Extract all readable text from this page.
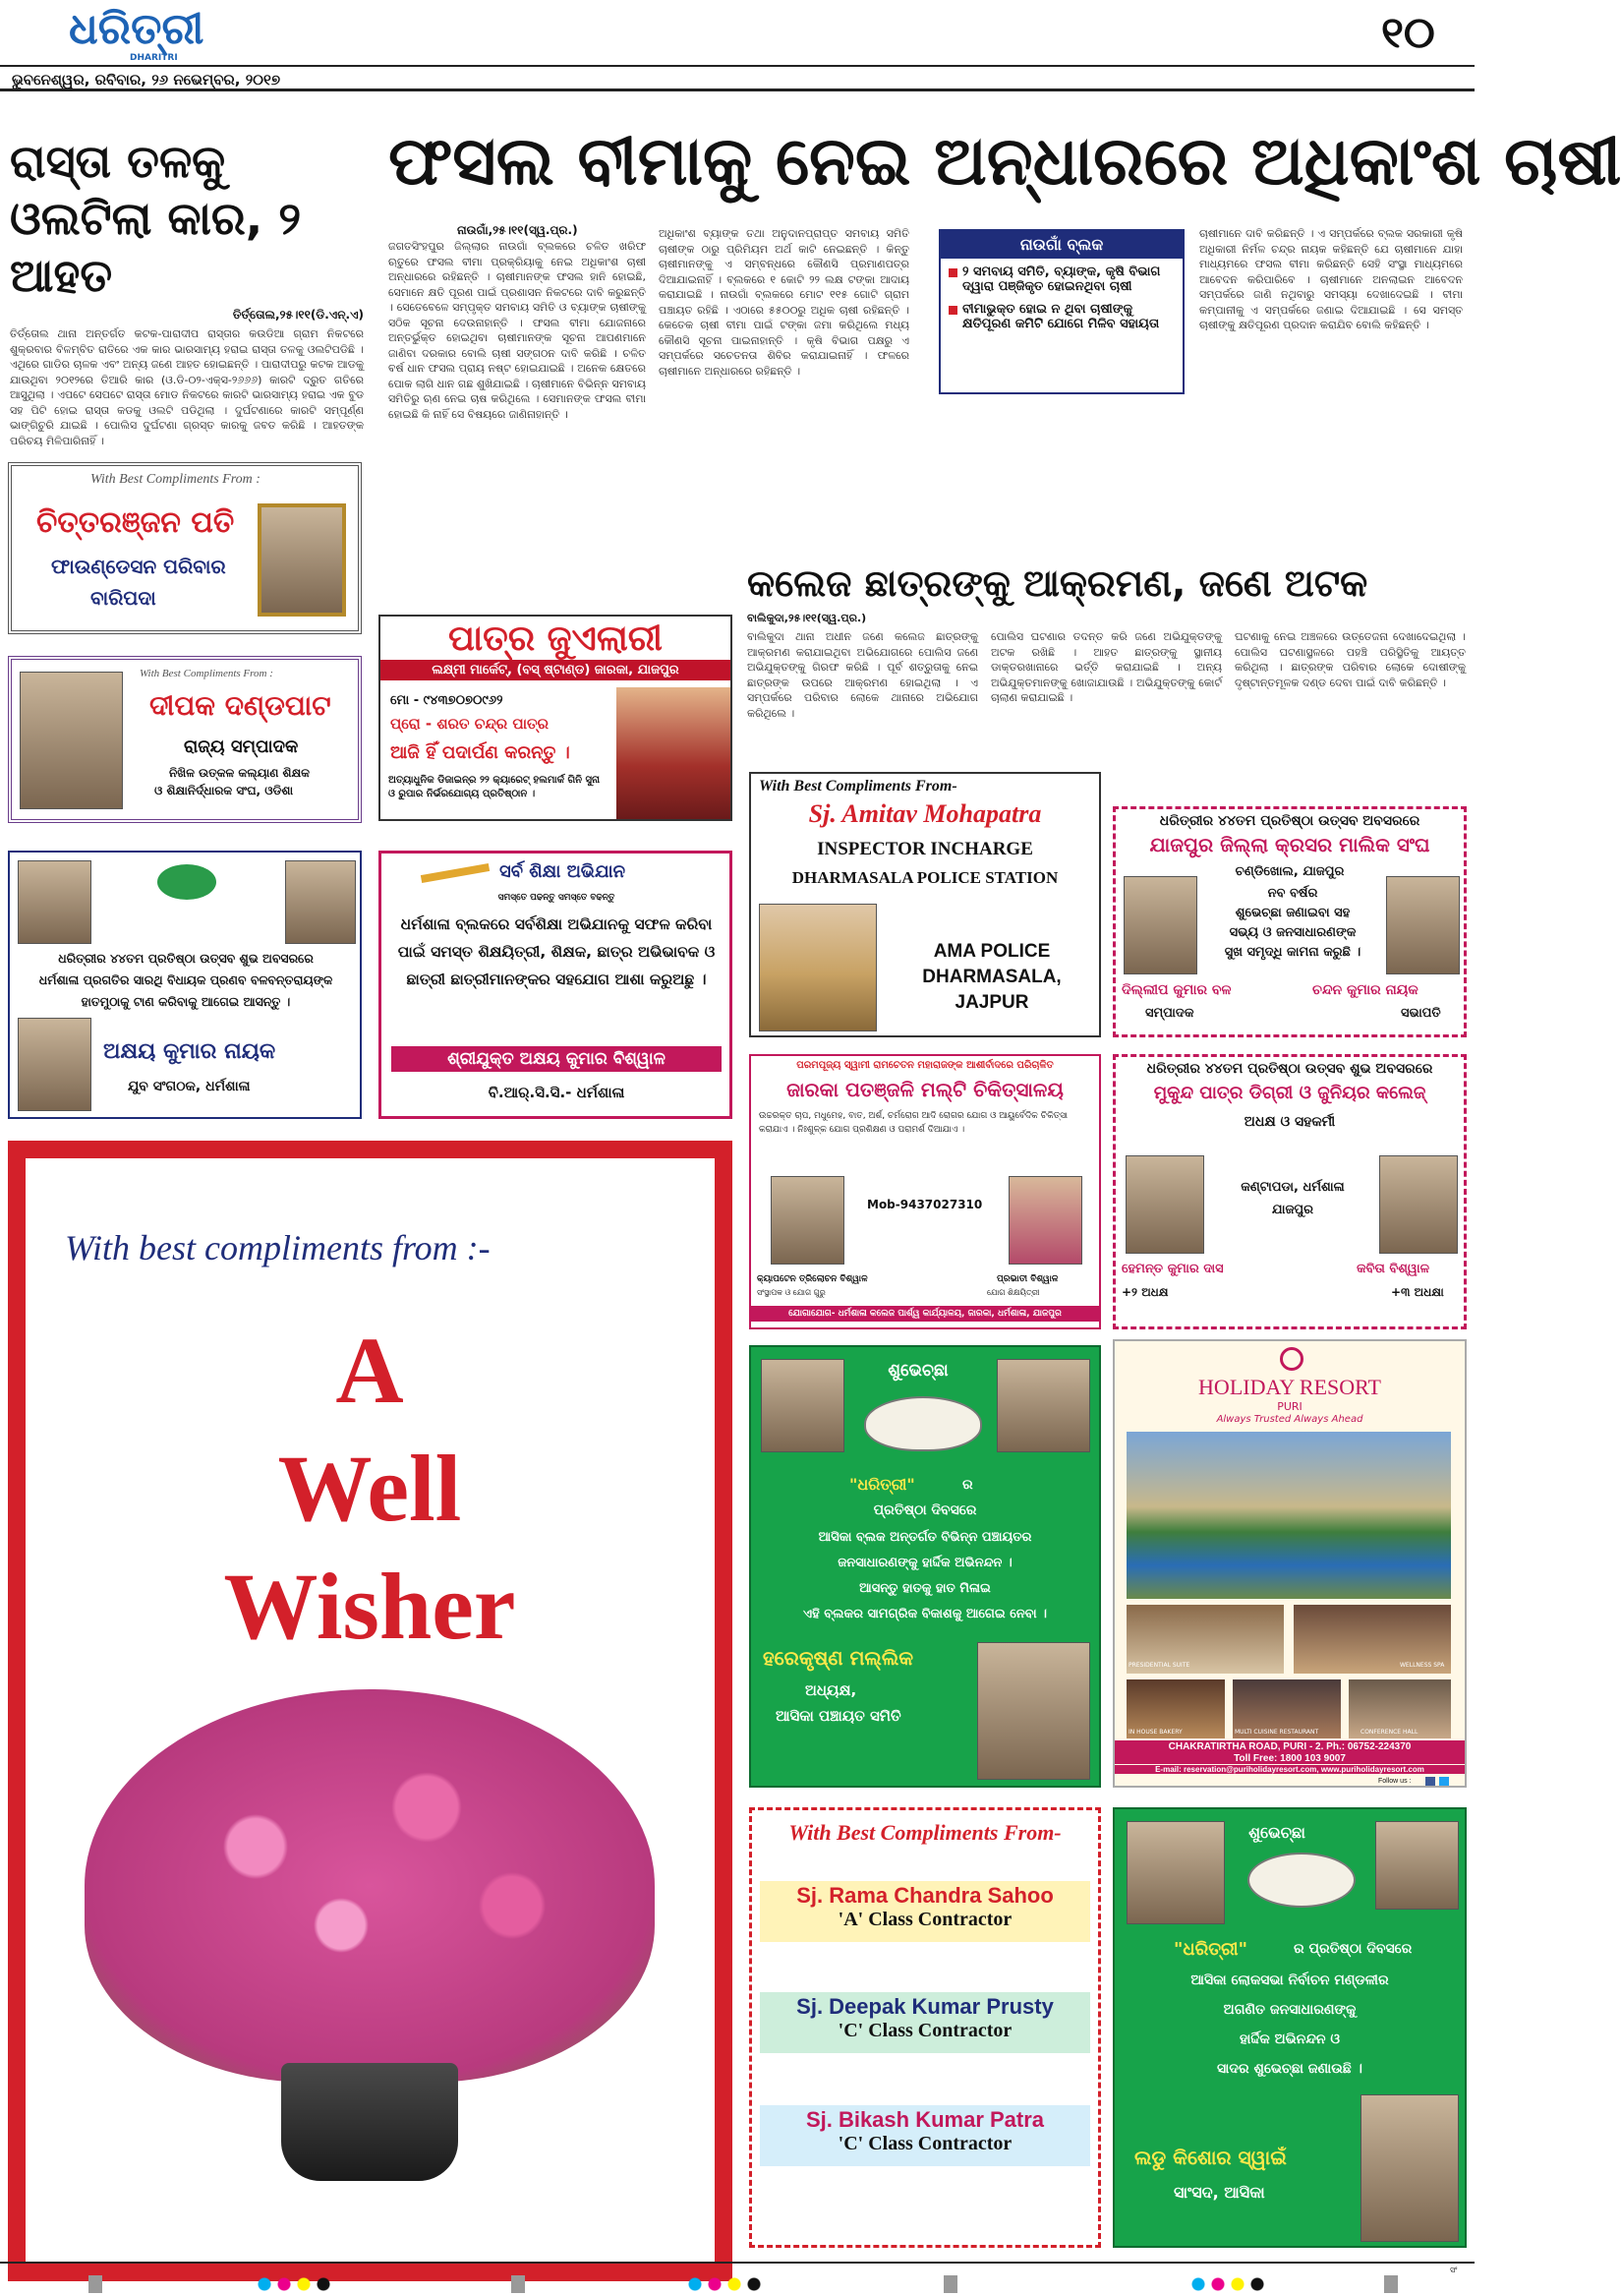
ଧରିତ୍ରୀ
DHARITRI
ଭୁବନେଶ୍ୱର, ରବିବାର, ୨୬ ନଭେମ୍ବର, ୨୦୧୭
୧୦
ରାସ୍ତା ତଳକୁ ଓଲଟିଲା କାର, ୨ ଆହତ
ତିର୍ତ୍ତୋଲ,୨୫।୧୧(ଡି.ଏନ୍.ଏ)
ତିର୍ତ୍ତୋଲ ଥାନା ଅନ୍ତର୍ଗତ କଟକ-ପାରାଦୀପ ରାସ୍ତାର କଉଡିଆ ଗ୍ରାମ ନିକଟରେ ଶୁକ୍ରବାର ବିଳମ୍ବିତ ରାତିରେ ଏକ କାର ଭାରସାମ୍ୟ ହରାଇ ରାସ୍ତା ତଳକୁ ଓଲଟିପଡିଛି । ଏଥିରେ ଗାଡିର ଚାଳକ ଏବଂ ଅନ୍ୟ ଜଣେ ଆହତ ହୋଇଛନ୍ତି । ପାରାଦୀପରୁ କଟକ ଆଡକୁ ଯାଉଥିବା ୨୦୧୨ରେ ତିଆରି କାର (ଓ.ଡି-୦୨-ଏକ୍ସ-୨୬୬୬) କାରଟି ଦ୍ରୁତ ଗତିରେ ଆସୁଥିଲା । ଏପଟେ ସେପଟେ ରାସ୍ତା ମୋଡ ନିକଟରେ କାରଟି ଭାରସାମ୍ୟ ହରାଇ ଏକ ବୁଡ ସହ ପିଟି ହୋଇ ରାସ୍ତା କଡକୁ ଓଲଟି ପଡିଥିଲା । ଦୁର୍ଘଟଣାରେ କାରଟି ସମ୍ପୂର୍ଣ୍ଣ ଭାଙ୍ଗିଚୁରି ଯାଇଛି । ପୋଲିସ ଦୁର୍ଘଟଣା ଗ୍ରସ୍ତ କାରକୁ ଜବତ କରିଛି । ଆହତଙ୍କ ପରିଚୟ ମିଳିପାରିନାହିଁ ।
ଫସଲ ବୀମାକୁ ନେଇ ଅନ୍ଧାରରେ ଅଧିକାଂଶ ଚାଷୀ
ନାଉଗାଁ,୨୫।୧୧(ସ୍ୱ.ପ୍ର.)
ଜଗତସିଂହପୁର ଜିଲ୍ଲାର ନାଉଗାଁ ବ୍ଲକରେ ଚଳିତ ଖରିଫ ଋତୁରେ ଫସଲ ବୀମା ପ୍ରକ୍ରିୟାକୁ ନେଇ ଅଧିକାଂଶ ଚାଷୀ ଅନ୍ଧାରରେ ରହିଛନ୍ତି । ଚାଷୀମାନଙ୍କ ଫସଲ ହାନି ହୋଇଛି, ସେମାନେ କ୍ଷତି ପୂରଣ ପାଇଁ ପ୍ରଶାସନ ନିକଟରେ ଦାବି କରୁଛନ୍ତି । ସେତେବେଳେ ସମ୍ପୃକ୍ତ ସମବାୟ ସମିତି ଓ ବ୍ୟାଙ୍କ ଚାଷୀଙ୍କୁ ସଠିକ ସୂଚନା ଦେଉନାହାନ୍ତି । ଫସଲ ବୀମା ଯୋଜନାରେ ଅନ୍ତର୍ଭୁକ୍ତ ହୋଇଥିବା ଚାଷୀମାନଙ୍କ ସୂଚନା ଆପଣମାନେ ଜାଣିବା ଦରକାର ବୋଲି ଚାଷୀ ସଙ୍ଗଠନ ଦାବି କରିଛି । ଚଳିତ ବର୍ଷ ଧାନ ଫସଲ ପ୍ରାୟ ନଷ୍ଟ ହୋଇଯାଇଛି । ଅନେକ କ୍ଷେତରେ ପୋକ ଲାଗି ଧାନ ଗଛ ଶୁଖିଯାଇଛି । ଚାଷୀମାନେ ବିଭିନ୍ନ ସମବାୟ ସମିତିରୁ ଋଣ ନେଇ ଚାଷ କରିଥିଲେ । ସେମାନଙ୍କ ଫସଲ ବୀମା ହୋଇଛି କି ନାହିଁ ସେ ବିଷୟରେ ଜାଣିନାହାନ୍ତି ।
ଅଧିକାଂଶ ବ୍ୟାଙ୍କ ତଥା ଅନୁଦାନପ୍ରାପ୍ତ ସମବାୟ ସମିତି ଚାଷୀଙ୍କ ଠାରୁ ପ୍ରିମିୟମ ଅର୍ଥ କାଟି ନେଇଛନ୍ତି । କିନ୍ତୁ ଚାଷୀମାନଙ୍କୁ ଏ ସମ୍ବନ୍ଧରେ କୌଣସି ପ୍ରମାଣପତ୍ର ଦିଆଯାଇନାହିଁ । ବ୍ଲକରେ ୧ କୋଟି ୨୨ ଲକ୍ଷ ଟଙ୍କା ଆଦାୟ କରାଯାଇଛି । ନାଉଗାଁ ବ୍ଲକରେ ମୋଟ ୧୧୫ ଗୋଟି ଗ୍ରାମ ପଞ୍ଚାୟତ ରହିଛି । ଏଠାରେ ୫୫୦୦ରୁ ଅଧିକ ଚାଷୀ ରହିଛନ୍ତି । କେତେକ ଚାଷୀ ବୀମା ପାଇଁ ଟଙ୍କା ଜମା କରିଥିଲେ ମଧ୍ୟ କୌଣସି ସୂଚନା ପାଇନାହାନ୍ତି । କୃଷି ବିଭାଗ ପକ୍ଷରୁ ଏ ସମ୍ପର୍କରେ ସଚେତନତା ଶିବିର କରାଯାଇନାହିଁ । ଫଳରେ ଚାଷୀମାନେ ଅନ୍ଧାରରେ ରହିଛନ୍ତି ।
ନାଉଗାଁ ବ୍ଲକ
୨ ସମବାୟ ସମିତି, ବ୍ୟାଙ୍କ, କୃଷି ବିଭାଗ ଦ୍ୱାରା ପଞ୍ଜିକୃତ ହୋଇନଥିବା ଚାଷୀ
ବୀମାଭୁକ୍ତ ହୋଇ ନ ଥିବା ଚାଷୀଙ୍କୁ କ୍ଷତିପୂରଣ କମିଟି ଯୋଗେ ମିଳିବ ସହାୟତା
ଚାଷୀମାନେ ଦାବି କରିଛନ୍ତି । ଏ ସମ୍ପର୍କରେ ବ୍ଲକ ସରକାରୀ କୃଷି ଅଧିକାରୀ ନିର୍ମଳ ଚନ୍ଦ୍ର ନାୟକ କହିଛନ୍ତି ଯେ ଚାଷୀମାନେ ଯାହା ମାଧ୍ୟମରେ ଫସଲ ବୀମା କରିଛନ୍ତି ସେହି ସଂସ୍ଥା ମାଧ୍ୟମରେ ଆବେଦନ କରିପାରିବେ । ଚାଷୀମାନେ ଅନଲାଇନ ଆବେଦନ ସମ୍ପର୍କରେ ଜାଣି ନଥିବାରୁ ସମସ୍ୟା ଦେଖାଦେଇଛି । ବୀମା କମ୍ପାନୀକୁ ଏ ସମ୍ପର୍କରେ ଜଣାଇ ଦିଆଯାଇଛି । ସେ ସମସ୍ତ ଚାଷୀଙ୍କୁ କ୍ଷତିପୂରଣ ପ୍ରଦାନ କରାଯିବ ବୋଲି କହିଛନ୍ତି ।
କଲେଜ ଛାତ୍ରଙ୍କୁ ଆକ୍ରମଣ, ଜଣେ ଅଟକ
ବାଲିକୁଦା,୨୫।୧୧(ସ୍ୱ.ପ୍ର.)
ବାଲିକୁଦା ଥାନା ଅଧୀନ ଜଣେ କଲେଜ ଛାତ୍ରଙ୍କୁ ଆକ୍ରମଣ କରାଯାଇଥିବା ଅଭିଯୋଗରେ ପୋଲିସ ଜଣେ ଅଭିଯୁକ୍ତଙ୍କୁ ଗିରଫ କରିଛି । ପୂର୍ବ ଶତ୍ରୁତାକୁ ନେଇ ଛାତ୍ରଙ୍କ ଉପରେ ଆକ୍ରମଣ ହୋଇଥିଲା । ଏ ସମ୍ପର୍କରେ ପରିବାର ଲୋକେ ଥାନାରେ ଅଭିଯୋଗ କରିଥିଲେ ।
ପୋଲିସ ଘଟଣାର ତଦନ୍ତ କରି ଜଣେ ଅଭିଯୁକ୍ତଙ୍କୁ ଅଟକ ରଖିଛି । ଆହତ ଛାତ୍ରଙ୍କୁ ସ୍ଥାନୀୟ ଡାକ୍ତରଖାନାରେ ଭର୍ତ୍ତି କରାଯାଇଛି । ଅନ୍ୟ ଅଭିଯୁକ୍ତମାନଙ୍କୁ ଖୋଜାଯାଉଛି । ଅଭିଯୁକ୍ତଙ୍କୁ କୋର୍ଟ ଚାଲାଣ କରାଯାଇଛି ।
ଘଟଣାକୁ ନେଇ ଅଞ୍ଚଳରେ ଉତ୍ତେଜନା ଦେଖାଦେଇଥିଲା । ପୋଲିସ ଘଟଣାସ୍ଥଳରେ ପହଞ୍ଚି ପରିସ୍ଥିତିକୁ ଆୟତ୍ତ କରିଥିଲା । ଛାତ୍ରଙ୍କ ପରିବାର ଲୋକେ ଦୋଷୀଙ୍କୁ ଦୃଷ୍ଟାନ୍ତମୂଳକ ଦଣ୍ଡ ଦେବା ପାଇଁ ଦାବି କରିଛନ୍ତି ।
With Best Compliments From :
ଚିତ୍ତରଞ୍ଜନ ପତି
ଫାଉଣ୍ଡେସନ ପରିବାର
ବାରିପଦା
With Best Compliments From :
ଦୀପକ ଦଣ୍ଡପାଟ
ରାଜ୍ୟ ସମ୍ପାଦକ
ନିଖିଳ ଉତ୍କଳ କଲ୍ୟାଣ ଶିକ୍ଷକ
ଓ ଶିକ୍ଷାନିର୍ଦ୍ଧାରକ ସଂଘ, ଓଡିଶା
ପାତ୍ର ଜୁଏଲାରୀ
ଲକ୍ଷ୍ମୀ ମାର୍କେଟ୍, (ବସ୍ ଷ୍ଟାଣ୍ଡ) ଜାରକା, ଯାଜପୁର
ମୋ - ୯୪୩୭୦୭୦୯୬୨
ପ୍ରୋ - ଶରତ ଚନ୍ଦ୍ର ପାତ୍ର
ଆଜି ହିଁ ପଦାର୍ପଣ କରନ୍ତୁ ।
ଅତ୍ୟାଧୁନିକ ଡିଜାଇନ୍‌ର ୨୨ କ୍ୟାରେଟ୍ ହଲମାର୍କ ଗିନି ସୁନା ଓ ରୁପାର ନିର୍ଭରଯୋଗ୍ୟ ପ୍ରତିଷ୍ଠାନ ।
ଧରିତ୍ରୀର ୪୪ତମ ପ୍ରତିଷ୍ଠା ଉତ୍ସବ ଶୁଭ ଅବସରରେ
ଧର୍ମଶାଳା ପ୍ରଗତିର ସାରଥି ବିଧାୟକ ପ୍ରଣବ ବଳବନ୍ତରାୟଙ୍କ
ହାତମୁଠାକୁ ଟାଣ କରିବାକୁ ଆଗେଇ ଆସନ୍ତୁ ।
ଅକ୍ଷୟ କୁମାର ନାୟକ
ଯୁବ ସଂଗଠକ, ଧର୍ମଶାଳା
ସର୍ବ ଶିକ୍ଷା ଅଭିଯାନ
ସମସ୍ତେ ପଢନ୍ତୁ ସମସ୍ତେ ବଢନ୍ତୁ
ଧର୍ମଶାଳା ବ୍ଲକରେ ସର୍ବଶିକ୍ଷା ଅଭିଯାନକୁ ସଫଳ କରିବା ପାଇଁ ସମସ୍ତ ଶିକ୍ଷୟିତ୍ରୀ, ଶିକ୍ଷକ, ଛାତ୍ର ଅଭିଭାବକ ଓ ଛାତ୍ରୀ ଛାତ୍ରୀମାନଙ୍କର ସହଯୋଗ ଆଶା କରୁଅଛୁ ।
ଶ୍ରୀଯୁକ୍ତ ଅକ୍ଷୟ କୁମାର ବିଶ୍ୱାଳ
ବି.ଆର୍.ସି.ସି.- ଧର୍ମଶାଳା
With Best Compliments From-
Sj. Amitav Mohapatra
INSPECTOR INCHARGE
DHARMASALA POLICE STATION
AMA POLICE
DHARMASALA,
JAJPUR
ଧରିତ୍ରୀର ୪୪ତମ ପ୍ରତିଷ୍ଠା ଉତ୍ସବ ଅବସରରେ
ଯାଜପୁର ଜିଲ୍ଲା କ୍ରସର ମାଲିକ ସଂଘ
ଚଣ୍ଡିଖୋଲ, ଯାଜପୁର
ନବ ବର୍ଷର
ଶୁଭେଚ୍ଛା ଜଣାଇବା ସହ
ସଭ୍ୟ ଓ ଜନସାଧାରଣଙ୍କ
ସୁଖ ସମୃଦ୍ଧି କାମନା କରୁଛି ।
ଦିଲ୍ଲୀପ କୁମାର ବଳ
ସମ୍ପାଦକ
ଚନ୍ଦନ କୁମାର ନାୟକ
ସଭାପତି
ପରମପୂଜ୍ୟ ସ୍ୱାମୀ ରାମଚେତନ ମହାରାଜଙ୍କ ଆଶୀର୍ବାଦରେ ପରିଚାଳିତ
ଜାରକା ପତଞ୍ଜଳି ମଲ୍ଟି ଚିକିତ୍ସାଳୟ
ଉଚ୍ଚରକ୍ତ ଚାପ, ମଧୁମେହ, ବାତ, ଅର୍ଶ, ଚର୍ମରୋଗ ଆଦି ରୋଗର ଯୋଗ ଓ ଆୟୁର୍ବେଦିକ ଚିକିତ୍ସା କରାଯାଏ । ନିଃଶୁଳ୍କ ଯୋଗ ପ୍ରଶିକ୍ଷଣ ଓ ପରାମର୍ଶ ଦିଆଯାଏ ।
Mob-9437027310
କ୍ୟାପଟେନ ତ୍ରିଲୋଚନ ବିଶ୍ୱାଳ
ସଂସ୍ଥାପକ ଓ ଯୋଗ ଗୁରୁ
ପ୍ରଭାତୀ ବିଶ୍ୱାଳ
ଯୋଗ ଶିକ୍ଷୟିତ୍ରୀ
ଯୋଗାଯୋଗ- ଧର୍ମଶାଳା କଲେଜ ପାର୍ଶ୍ୱ କାର୍ଯ୍ୟାଳୟ, ଜାରକା, ଧର୍ମଶାଳା, ଯାଜପୁର
ଧରିତ୍ରୀର ୪୪ତମ ପ୍ରତିଷ୍ଠା ଉତ୍ସବ ଶୁଭ ଅବସରରେ
ମୁକୁନ୍ଦ ପାତ୍ର ଡିଗ୍ରୀ ଓ ଜୁନିୟର କଲେଜ୍
ଅଧକ୍ଷ ଓ ସହକର୍ମୀ
କଣ୍ଟାପଡା, ଧର୍ମଶାଳା
ଯାଜପୁର
ହେମନ୍ତ କୁମାର ଦାସ
+୨ ଅଧକ୍ଷ
କବିତା ବିଶ୍ୱାଳ
+୩ ଅଧକ୍ଷା
With best compliments from :-
A
Well
Wisher
ଶୁଭେଚ୍ଛା
"ଧରିତ୍ରୀ"	ର
ପ୍ରତିଷ୍ଠା ଦିବସରେ
ଆସିକା ବ୍ଲକ ଅନ୍ତର୍ଗତ ବିଭିନ୍ନ ପଞ୍ଚାୟତର
ଜନସାଧାରଣଙ୍କୁ ହାର୍ଦ୍ଦିକ ଅଭିନନ୍ଦନ ।
ଆସନ୍ତୁ ହାତକୁ ହାତ ମିଳାଇ
ଏହି ବ୍ଲକର ସାମଗ୍ରିକ ବିକାଶକୁ ଆଗେଇ ନେବା ।
ହରେକୃଷ୍ଣ ମଲ୍ଲିକ
ଅଧ୍ୟକ୍ଷ,
ଆସିକା ପଞ୍ଚାୟତ ସମିତି
HOLIDAY RESORT
PURI
Always Trusted Always Ahead
PRESIDENTIAL SUITE	WELLNESS SPA
MULTI CUISINE RESTAURANT
IN HOUSE BAKERY	CONFERENCE HALL
CHAKRATIRTHA ROAD, PURI - 2. Ph.: 06752-224370
Toll Free: 1800 103 9007
E-mail: reservation@puriholidayresort.com, www.puriholidayresort.com
Follow us :
With Best Compliments From-
Sj. Rama Chandra Sahoo
'A' Class Contractor
Sj. Deepak Kumar Prusty
'C' Class Contractor
Sj. Bikash Kumar Patra
'C' Class Contractor
ଶୁଭେଚ୍ଛା
"ଧରିତ୍ରୀ"	ର ପ୍ରତିଷ୍ଠା ଦିବସରେ
ଆସିକା ଲୋକସଭା ନିର୍ବାଚନ ମଣ୍ଡଳୀର
ଅଗଣିତ ଜନସାଧାରଣଙ୍କୁ
ହାର୍ଦ୍ଦିକ ଅଭିନନ୍ଦନ ଓ
ସାଦର ଶୁଭେଚ୍ଛା ଜଣାଉଛି ।
ଲଡୁ କିଶୋର ସ୍ୱାଇଁ
ସାଂସଦ, ଆସିକା
ସଂ
